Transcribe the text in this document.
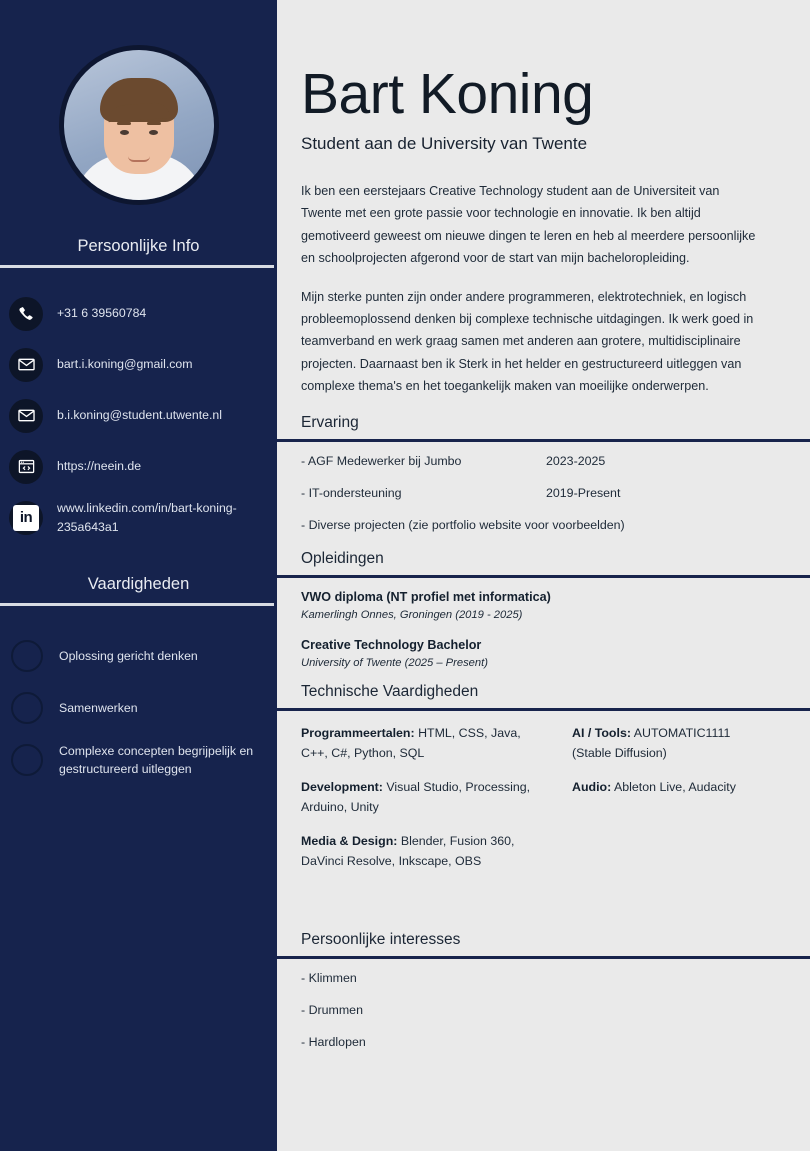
Persoonlijke Info
+31 6 39560784
bart.i.koning@gmail.com
b.i.koning@student.utwente.nl
https://neein.de
in
www.linkedin.com/in/bart-koning-235a643a1
Vaardigheden
Oplossing gericht denken
Samenwerken
Complexe concepten begrijpelijk en gestructureerd uitleggen
Bart Koning
Student aan de University van Twente

Ik ben een eerstejaars Creative Technology student aan de Universiteit van Twente met een grote passie voor technologie en innovatie. Ik ben altijd gemotiveerd geweest om nieuwe dingen te leren en heb al meerdere persoonlijke en schoolprojecten afgerond voor de start van mijn bacheloropleiding.

Mijn sterke punten zijn onder andere programmeren, elektrotechniek, en logisch probleemoplossend denken bij complexe technische uitdagingen. Ik werk goed in teamverband en werk graag samen met anderen aan grotere, multidisciplinaire projecten. Daarnaast ben ik Sterk in het helder en gestructureerd uitleggen van complexe thema's en het toegankelijk maken van moeilijke onderwerpen.

Ervaring
- AGF Medewerker bij Jumbo	2023-2025
- IT-ondersteuning	2019-Present
- Diverse projecten (zie portfolio website voor voorbeelden)
Opleidingen
VWO diploma (NT profiel met informatica)
Kamerlingh Onnes, Groningen (2019 - 2025)
Creative Technology Bachelor
University of Twente (2025 – Present)
Technische Vaardigheden
Programmeertalen: HTML, CSS, Java, C++, C#, Python, SQL
Development: Visual Studio, Processing, Arduino, Unity
Media & Design: Blender, Fusion 360, DaVinci Resolve, Inkscape, OBS
AI / Tools: AUTOMATIC1111 (Stable Diffusion)
Audio: Ableton Live, Audacity
Persoonlijke interesses
- Klimmen
- Drummen
- Hardlopen
